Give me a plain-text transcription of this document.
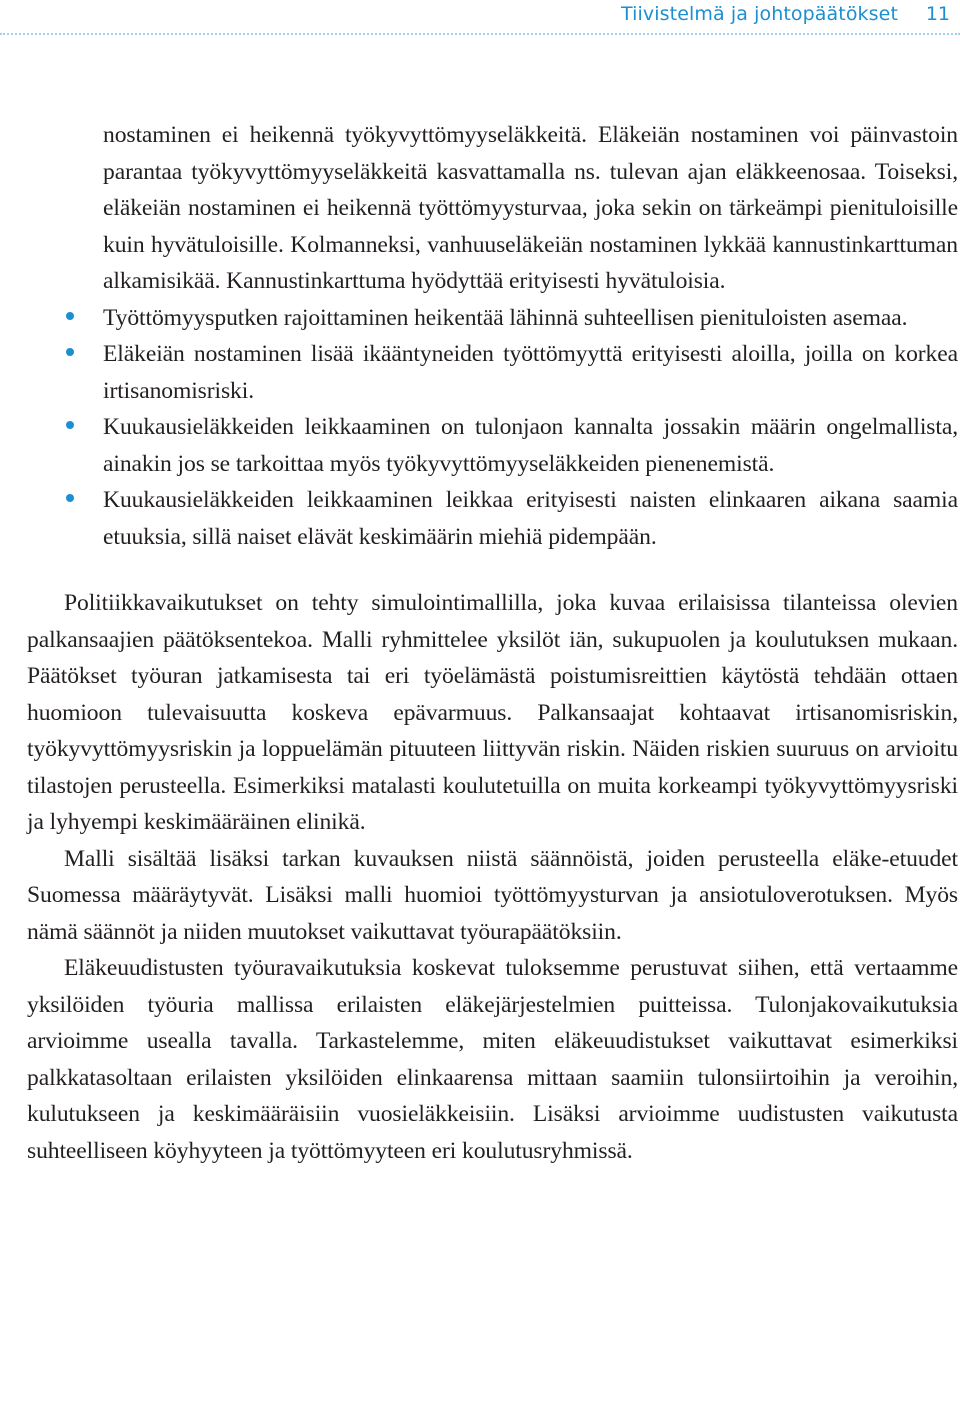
Tiivistelmä ja johtopäätökset 11

nostaminen ei heikennä työkyvyttömyyseläkkeitä. Eläkeiän nostaminen voi päinvastoin parantaa työkyvyttömyyseläkkeitä kasvattamalla ns. tulevan ajan eläkkeenosaa. Toiseksi, eläkeiän nostaminen ei heikennä työttömyysturvaa, joka sekin on tärkeämpi pienituloisille kuin hyvätuloisille. Kolmanneksi, vanhuuseläkeiän nostaminen lykkää kannustinkarttuman alkamisikää. Kannustinkarttuma hyödyttää erityisesti hyvätuloisia.

Työttömyysputken rajoittaminen heikentää lähinnä suhteellisen pienituloisten asemaa.
Eläkeiän nostaminen lisää ikääntyneiden työttömyyttä erityisesti aloilla, joilla on korkea irtisanomisriski.
Kuukausieläkkeiden leikkaaminen on tulonjaon kannalta jossakin määrin ongelmallista, ainakin jos se tarkoittaa myös työkyvyttömyyseläkkeiden pienenemistä.
Kuukausieläkkeiden leikkaaminen leikkaa erityisesti naisten elinkaaren aikana saamia etuuksia, sillä naiset elävät keskimäärin miehiä pidempään.

Politiikkavaikutukset on tehty simulointimallilla, joka kuvaa erilaisissa tilanteissa olevien palkansaajien päätöksentekoa. Malli ryhmittelee yksilöt iän, sukupuolen ja koulutuksen mukaan. Päätökset työuran jatkamisesta tai eri työelämästä poistumisreittien käytöstä tehdään ottaen huomioon tulevaisuutta koskeva epävarmuus. Palkansaajat kohtaavat irtisanomisriskin, työkyvyttömyysriskin ja loppuelämän pituuteen liittyvän riskin. Näiden riskien suuruus on arvioitu tilastojen perusteella. Esimerkiksi matalasti koulutetuilla on muita korkeampi työkyvyttömyysriski ja lyhyempi keskimääräinen elinikä.

Malli sisältää lisäksi tarkan kuvauksen niistä säännöistä, joiden perusteella eläke-etuudet Suomessa määräytyvät. Lisäksi malli huomioi työttömyysturvan ja ansiotuloverotuksen. Myös nämä säännöt ja niiden muutokset vaikuttavat työurapäätöksiin.

Eläkeuudistusten työuravaikutuksia koskevat tuloksemme perustuvat siihen, että vertaamme yksilöiden työuria mallissa erilaisten eläkejärjestelmien puitteissa. Tulonjakovaikutuksia arvioimme usealla tavalla. Tarkastelemme, miten eläkeuudistukset vaikuttavat esimerkiksi palkkatasoltaan erilaisten yksilöiden elinkaarensa mittaan saamiin tulonsiirtoihin ja veroihin, kulutukseen ja keskimääräisiin vuosieläkkeisiin. Lisäksi arvioimme uudistusten vaikutusta suhteelliseen köyhyyteen ja työttömyyteen eri koulutusryhmissä.
